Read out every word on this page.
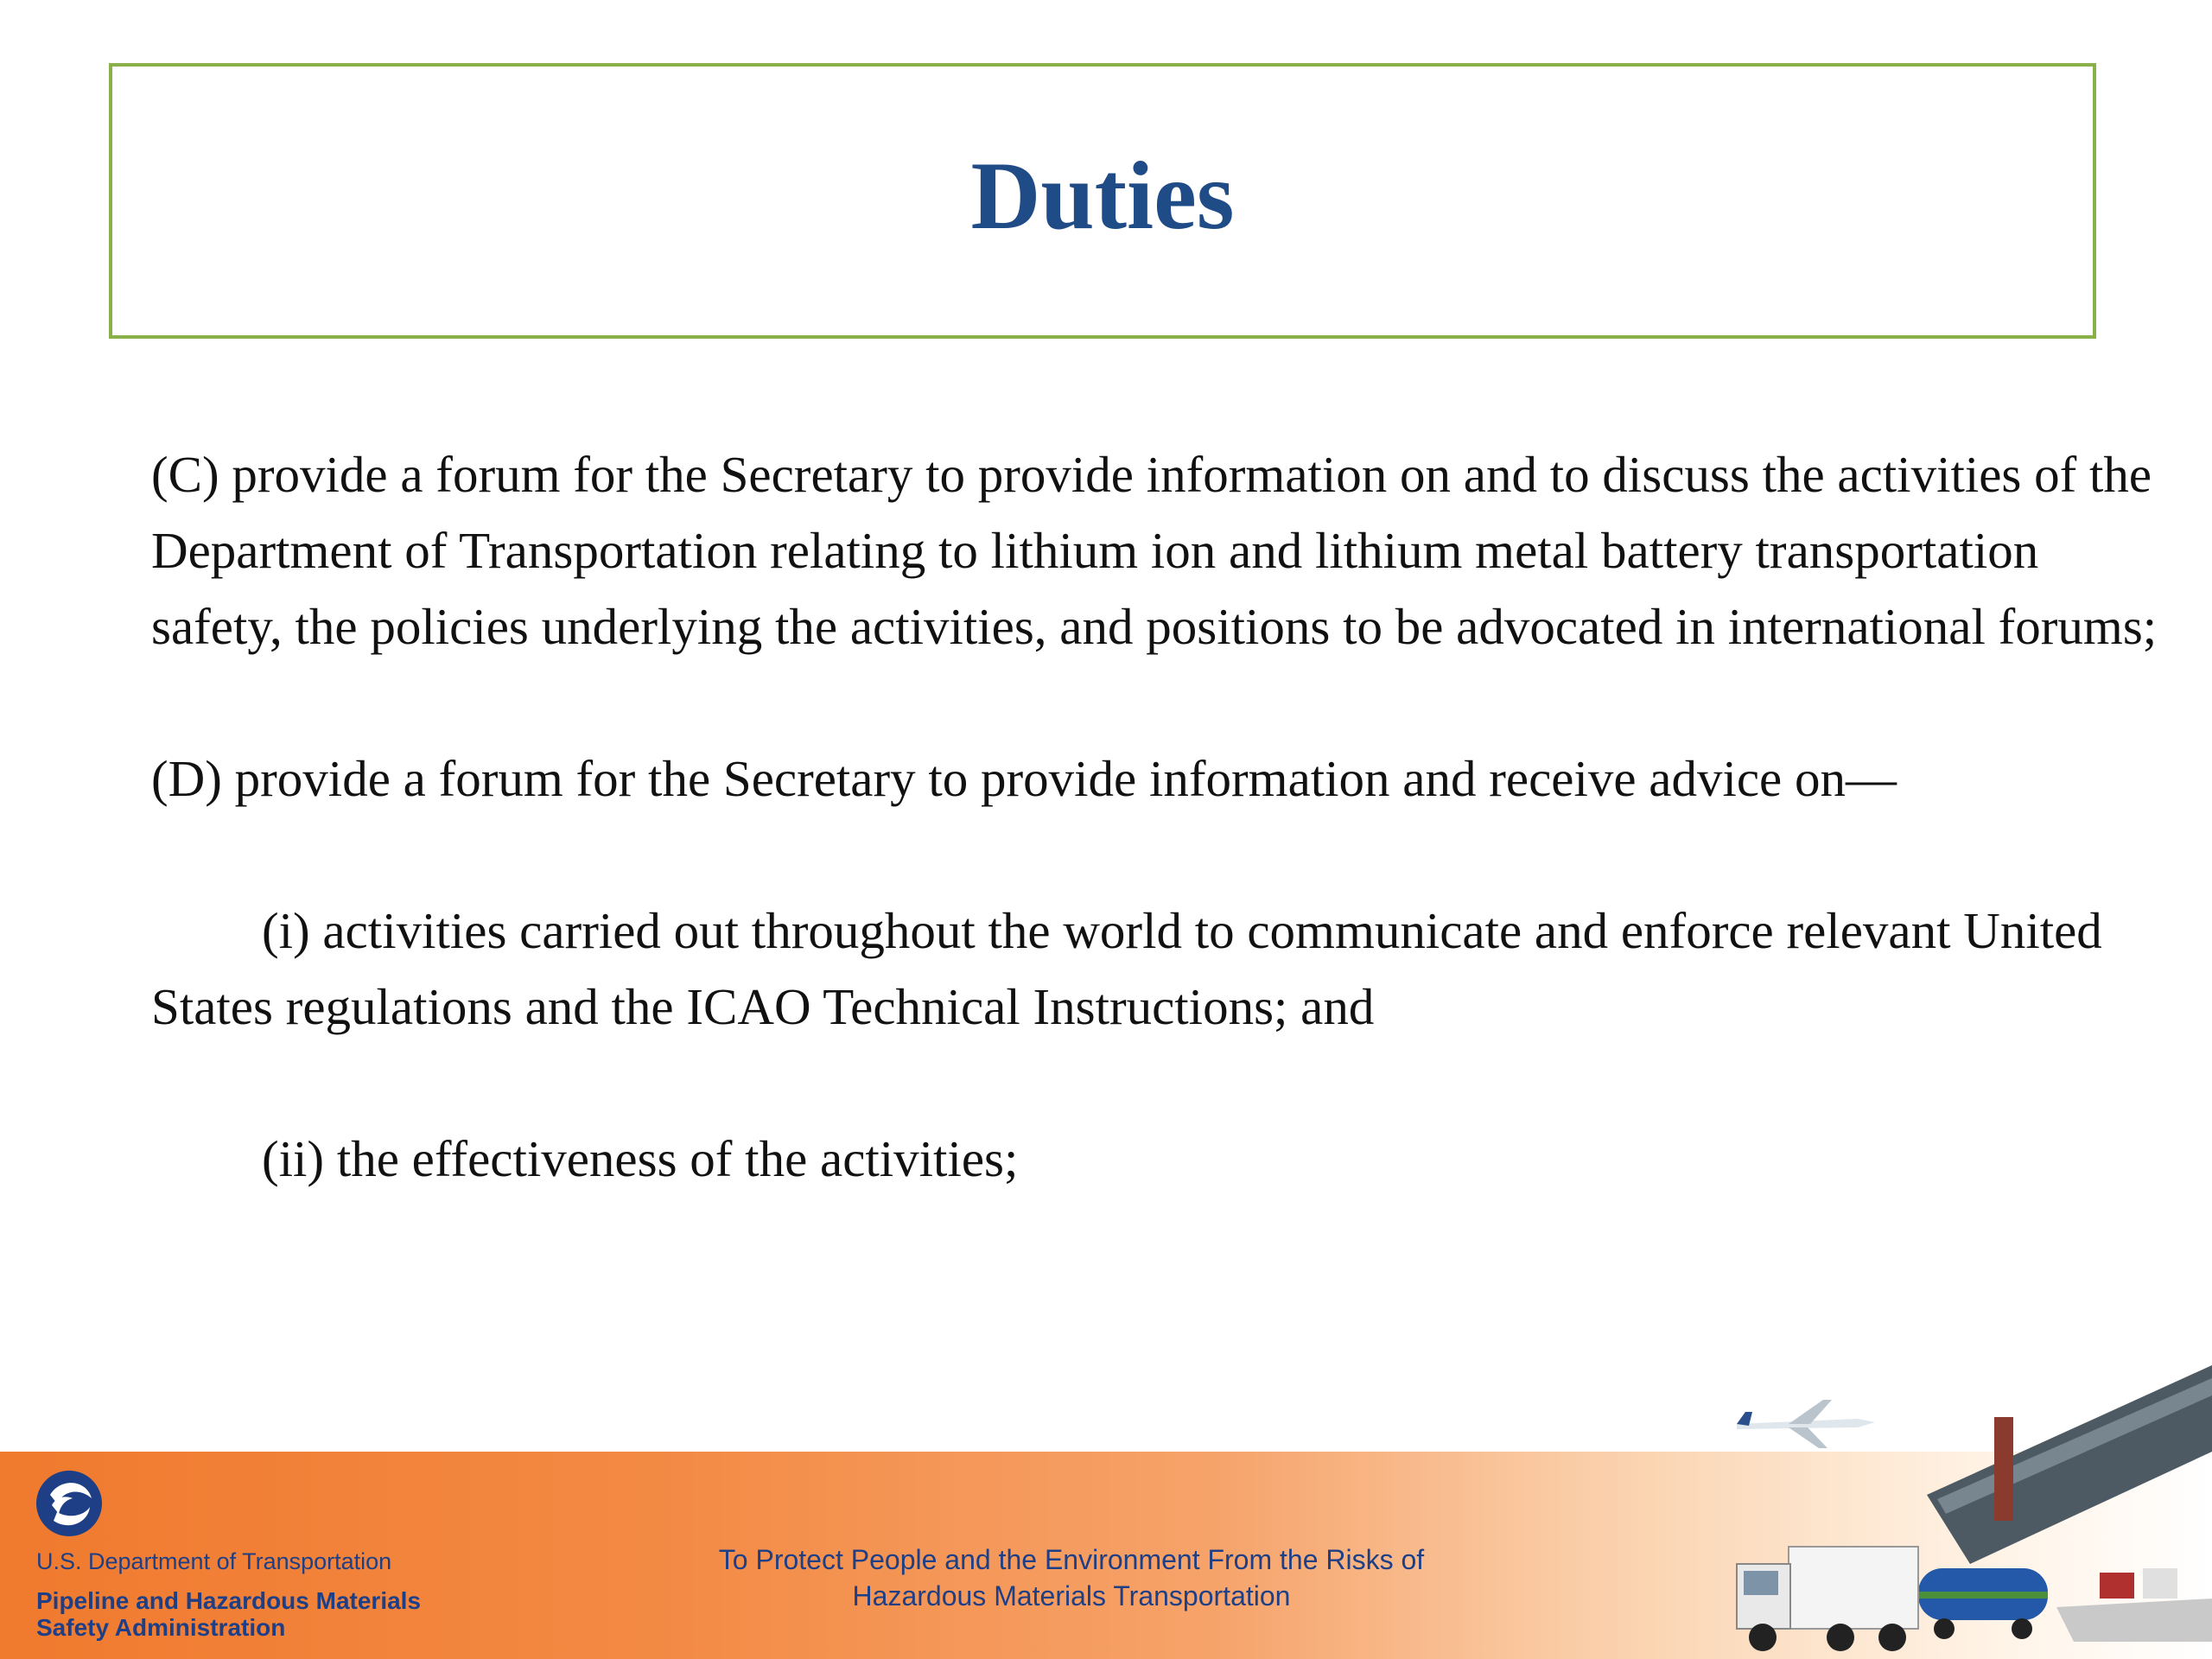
Duties

(C) provide a forum for the Secretary to provide information on and to discuss the activities of the Department of Transportation relating to lithium ion and lithium metal battery transportation safety, the policies underlying the activities, and positions to be advocated in international forums;

(D) provide a forum for the Secretary to provide information and receive advice on—

(i) activities carried out throughout the world to communicate and enforce relevant United States regulations and the ICAO Technical Instructions; and

(ii) the effectiveness of the activities;

U.S. Department of Transportation
Pipeline and Hazardous Materials
Safety Administration
To Protect People and the Environment From the Risks of
Hazardous Materials Transportation
